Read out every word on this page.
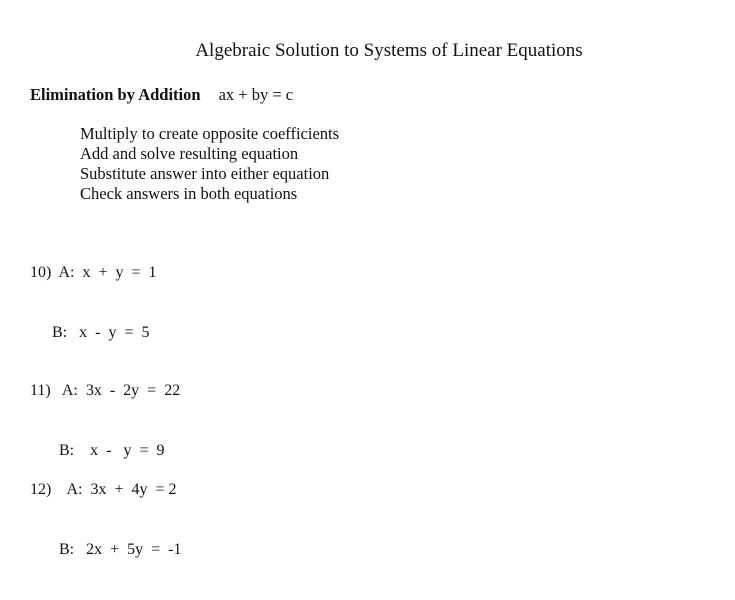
Algebraic Solution to Systems of Linear Equations
Elimination by Addition ax + by = c
Multiply to create opposite coefficients
Add and solve resulting equation
Substitute answer into either equation
Check answers in both equations

10)  A:  x  +  y  =  1

B:   x  -  y  =  5

11)   A:  3x  -  2y  =  22

B:    x  -   y  =  9

12)    A:  3x  +  4y  = 2

B:   2x  +  5y  =  -1
